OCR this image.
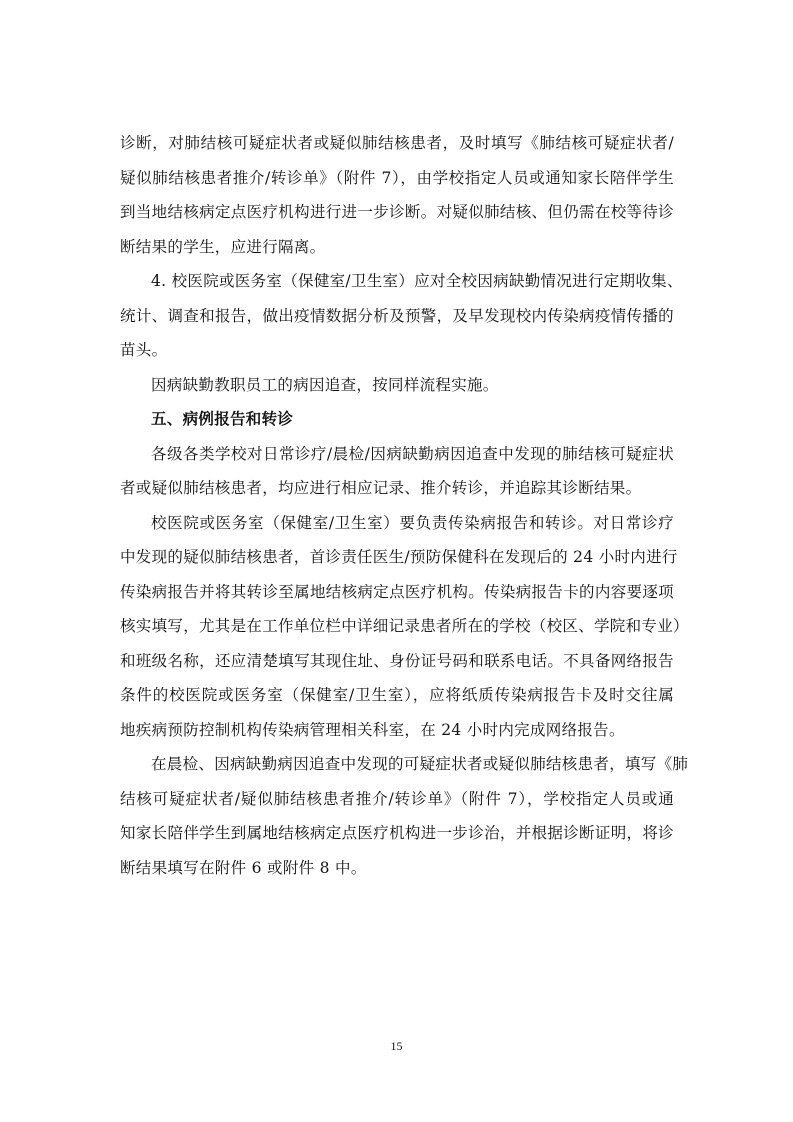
诊断，对肺结核可疑症状者或疑似肺结核患者，及时填写《肺结核可疑症状者/
疑似肺结核患者推介/转诊单》（附件 7），由学校指定人员或通知家长陪伴学生
到当地结核病定点医疗机构进行进一步诊断。对疑似肺结核、但仍需在校等待诊
断结果的学生，应进行隔离。
4. 校医院或医务室（保健室/卫生室）应对全校因病缺勤情况进行定期收集、
统计、调查和报告，做出疫情数据分析及预警，及早发现校内传染病疫情传播的
苗头。
因病缺勤教职员工的病因追查，按同样流程实施。
五、病例报告和转诊
各级各类学校对日常诊疗/晨检/因病缺勤病因追查中发现的肺结核可疑症状
者或疑似肺结核患者，均应进行相应记录、推介转诊，并追踪其诊断结果。
校医院或医务室（保健室/卫生室）要负责传染病报告和转诊。对日常诊疗
中发现的疑似肺结核患者，首诊责任医生/预防保健科在发现后的 24 小时内进行
传染病报告并将其转诊至属地结核病定点医疗机构。传染病报告卡的内容要逐项
核实填写，尤其是在工作单位栏中详细记录患者所在的学校（校区、学院和专业）
和班级名称，还应清楚填写其现住址、身份证号码和联系电话。不具备网络报告
条件的校医院或医务室（保健室/卫生室），应将纸质传染病报告卡及时交往属
地疾病预防控制机构传染病管理相关科室，在 24 小时内完成网络报告。
在晨检、因病缺勤病因追查中发现的可疑症状者或疑似肺结核患者，填写《肺
结核可疑症状者/疑似肺结核患者推介/转诊单》（附件 7），学校指定人员或通
知家长陪伴学生到属地结核病定点医疗机构进一步诊治，并根据诊断证明，将诊
断结果填写在附件 6 或附件 8 中。
15
